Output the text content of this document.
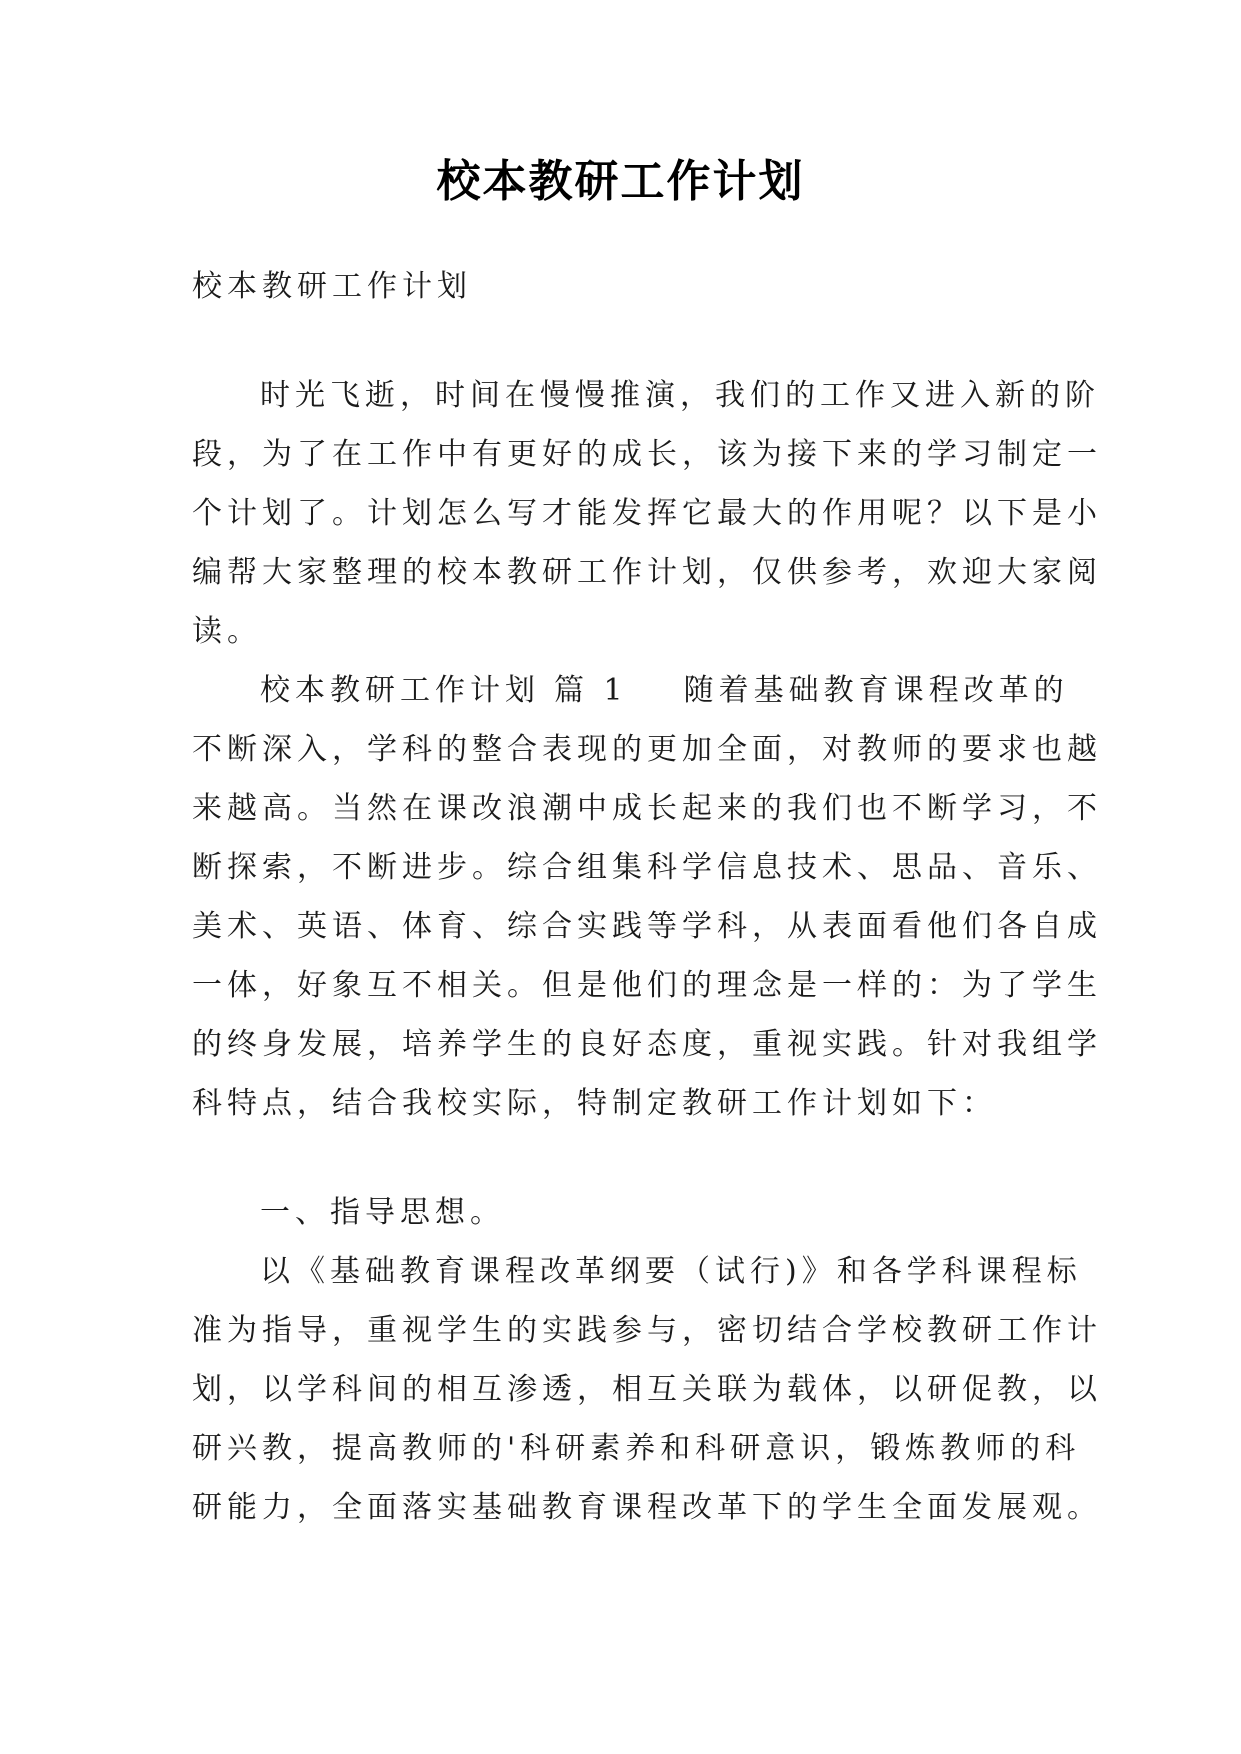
校本教研工作计划
校本教研工作计划
时光飞逝，时间在慢慢推演，我们的工作又进入新的阶
段，为了在工作中有更好的成长，该为接下来的学习制定一
个计划了。计划怎么写才能发挥它最大的作用呢？以下是小
编帮大家整理的校本教研工作计划，仅供参考，欢迎大家阅
读。
校本教研工作计划 篇 1 随着基础教育课程改革的
不断深入，学科的整合表现的更加全面，对教师的要求也越
来越高。当然在课改浪潮中成长起来的我们也不断学习，不
断探索，不断进步。综合组集科学信息技术、思品、音乐、
美术、英语、体育、综合实践等学科，从表面看他们各自成
一体，好象互不相关。但是他们的理念是一样的：为了学生
的终身发展，培养学生的良好态度，重视实践。针对我组学
科特点，结合我校实际，特制定教研工作计划如下：
一、指导思想。
以《基础教育课程改革纲要（试行)》和各学科课程标
准为指导，重视学生的实践参与，密切结合学校教研工作计
划，以学科间的相互渗透，相互关联为载体，以研促教，以
研兴教，提高教师的'科研素养和科研意识，锻炼教师的科
研能力，全面落实基础教育课程改革下的学生全面发展观。
